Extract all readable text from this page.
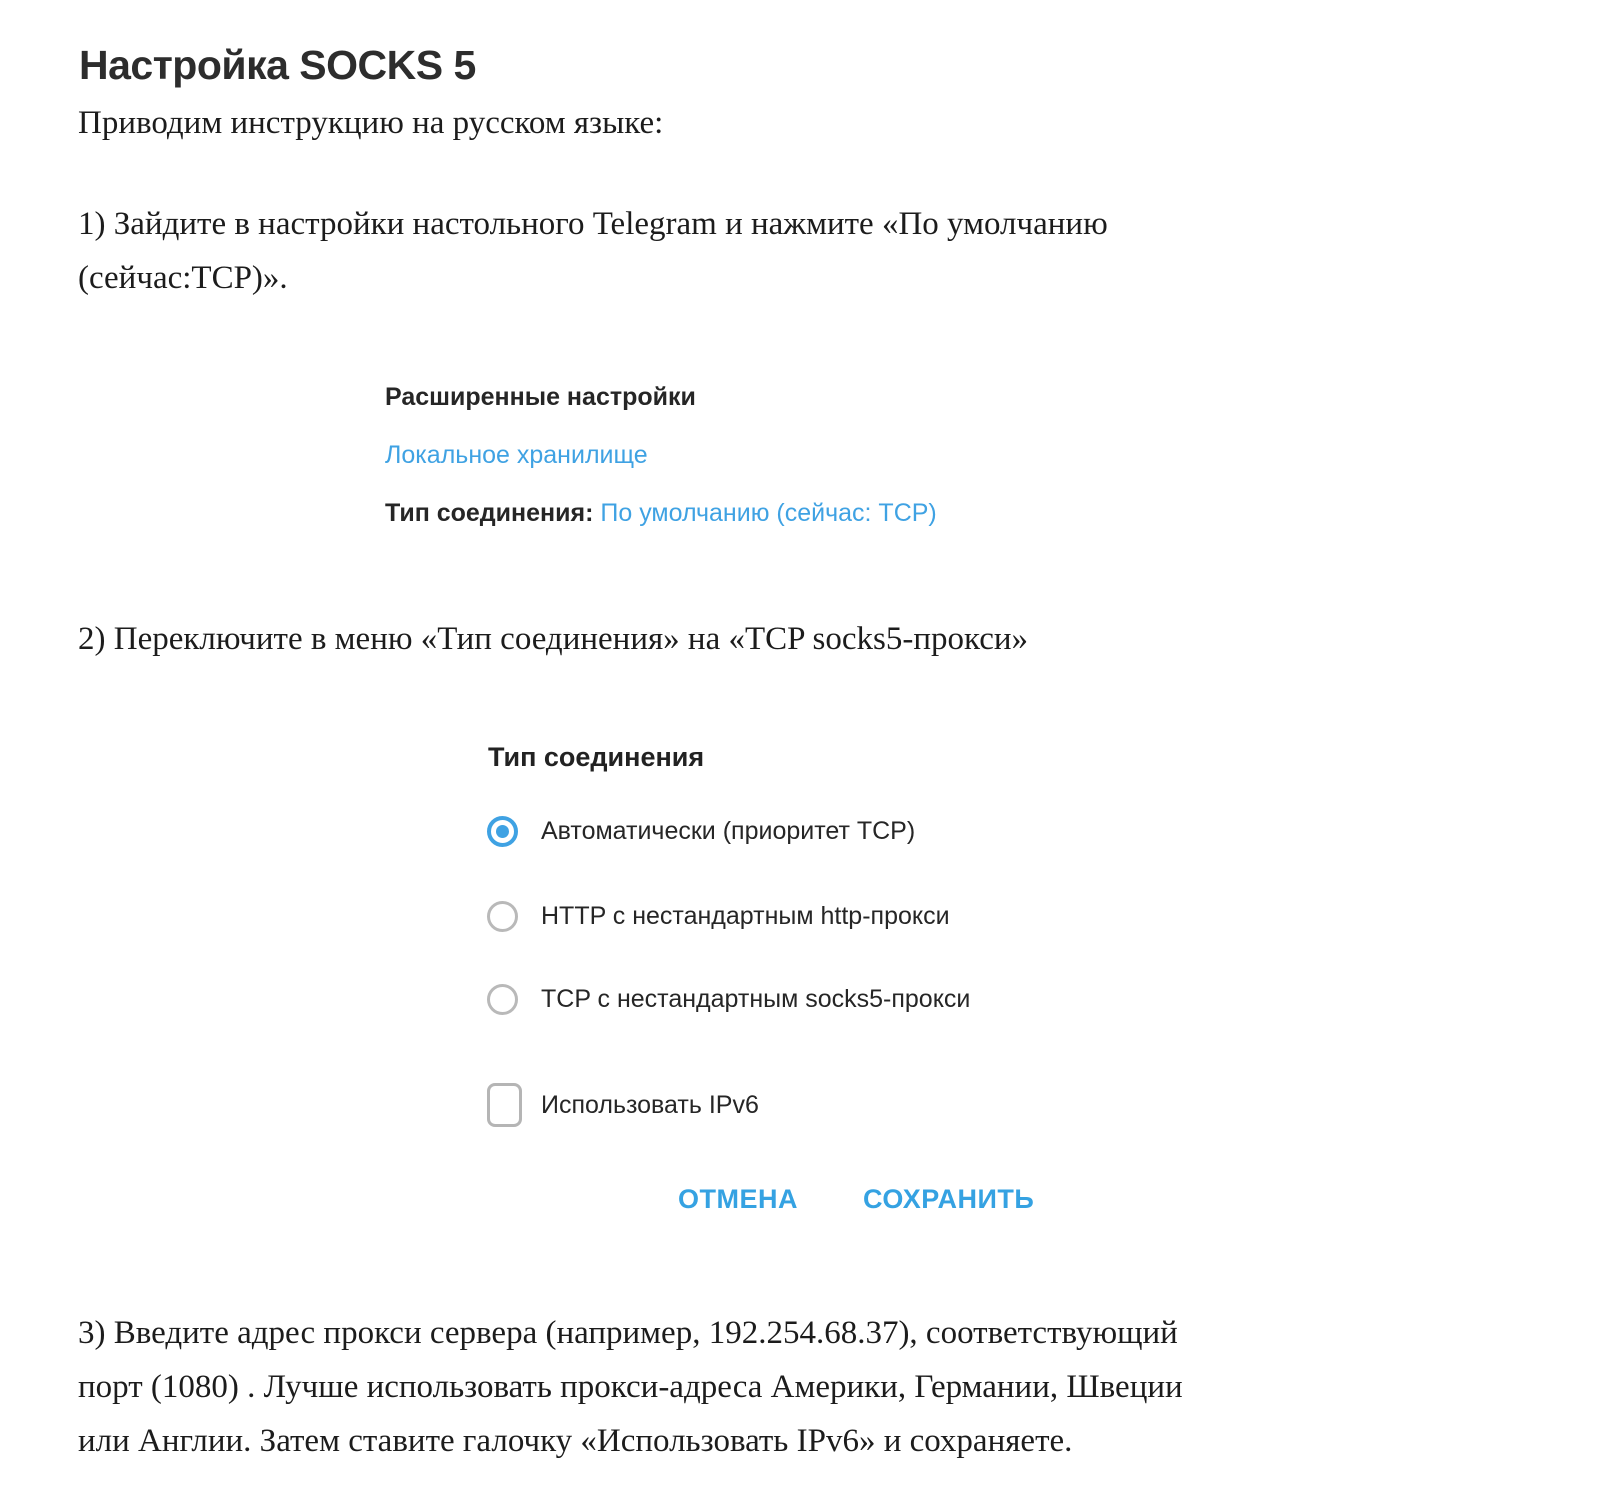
Настройка SOCKS 5

Приводим инструкцию на русском языке:

1) Зайдите в настройки настольного Telegram и нажмите «По умолчанию
(сейчас:TCP)».

Расширенные настройки
Локальное хранилище
Тип соединения: По умолчанию (сейчас: TCP)

2) Переключите в меню «Тип соединения» на «TCP socks5-прокси»

Тип соединения
Автоматически (приоритет TCP)
HTTP с нестандартным http-прокси
TCP с нестандартным socks5-прокси
Использовать IPv6
ОТМЕНА СОХРАНИТЬ

3) Введите адрес прокси сервера (например, 192.254.68.37), соответствующий
порт (1080) . Лучше использовать прокси-адреса Америки, Германии, Швеции
или Англии. Затем ставите галочку «Использовать IPv6» и сохраняете.
